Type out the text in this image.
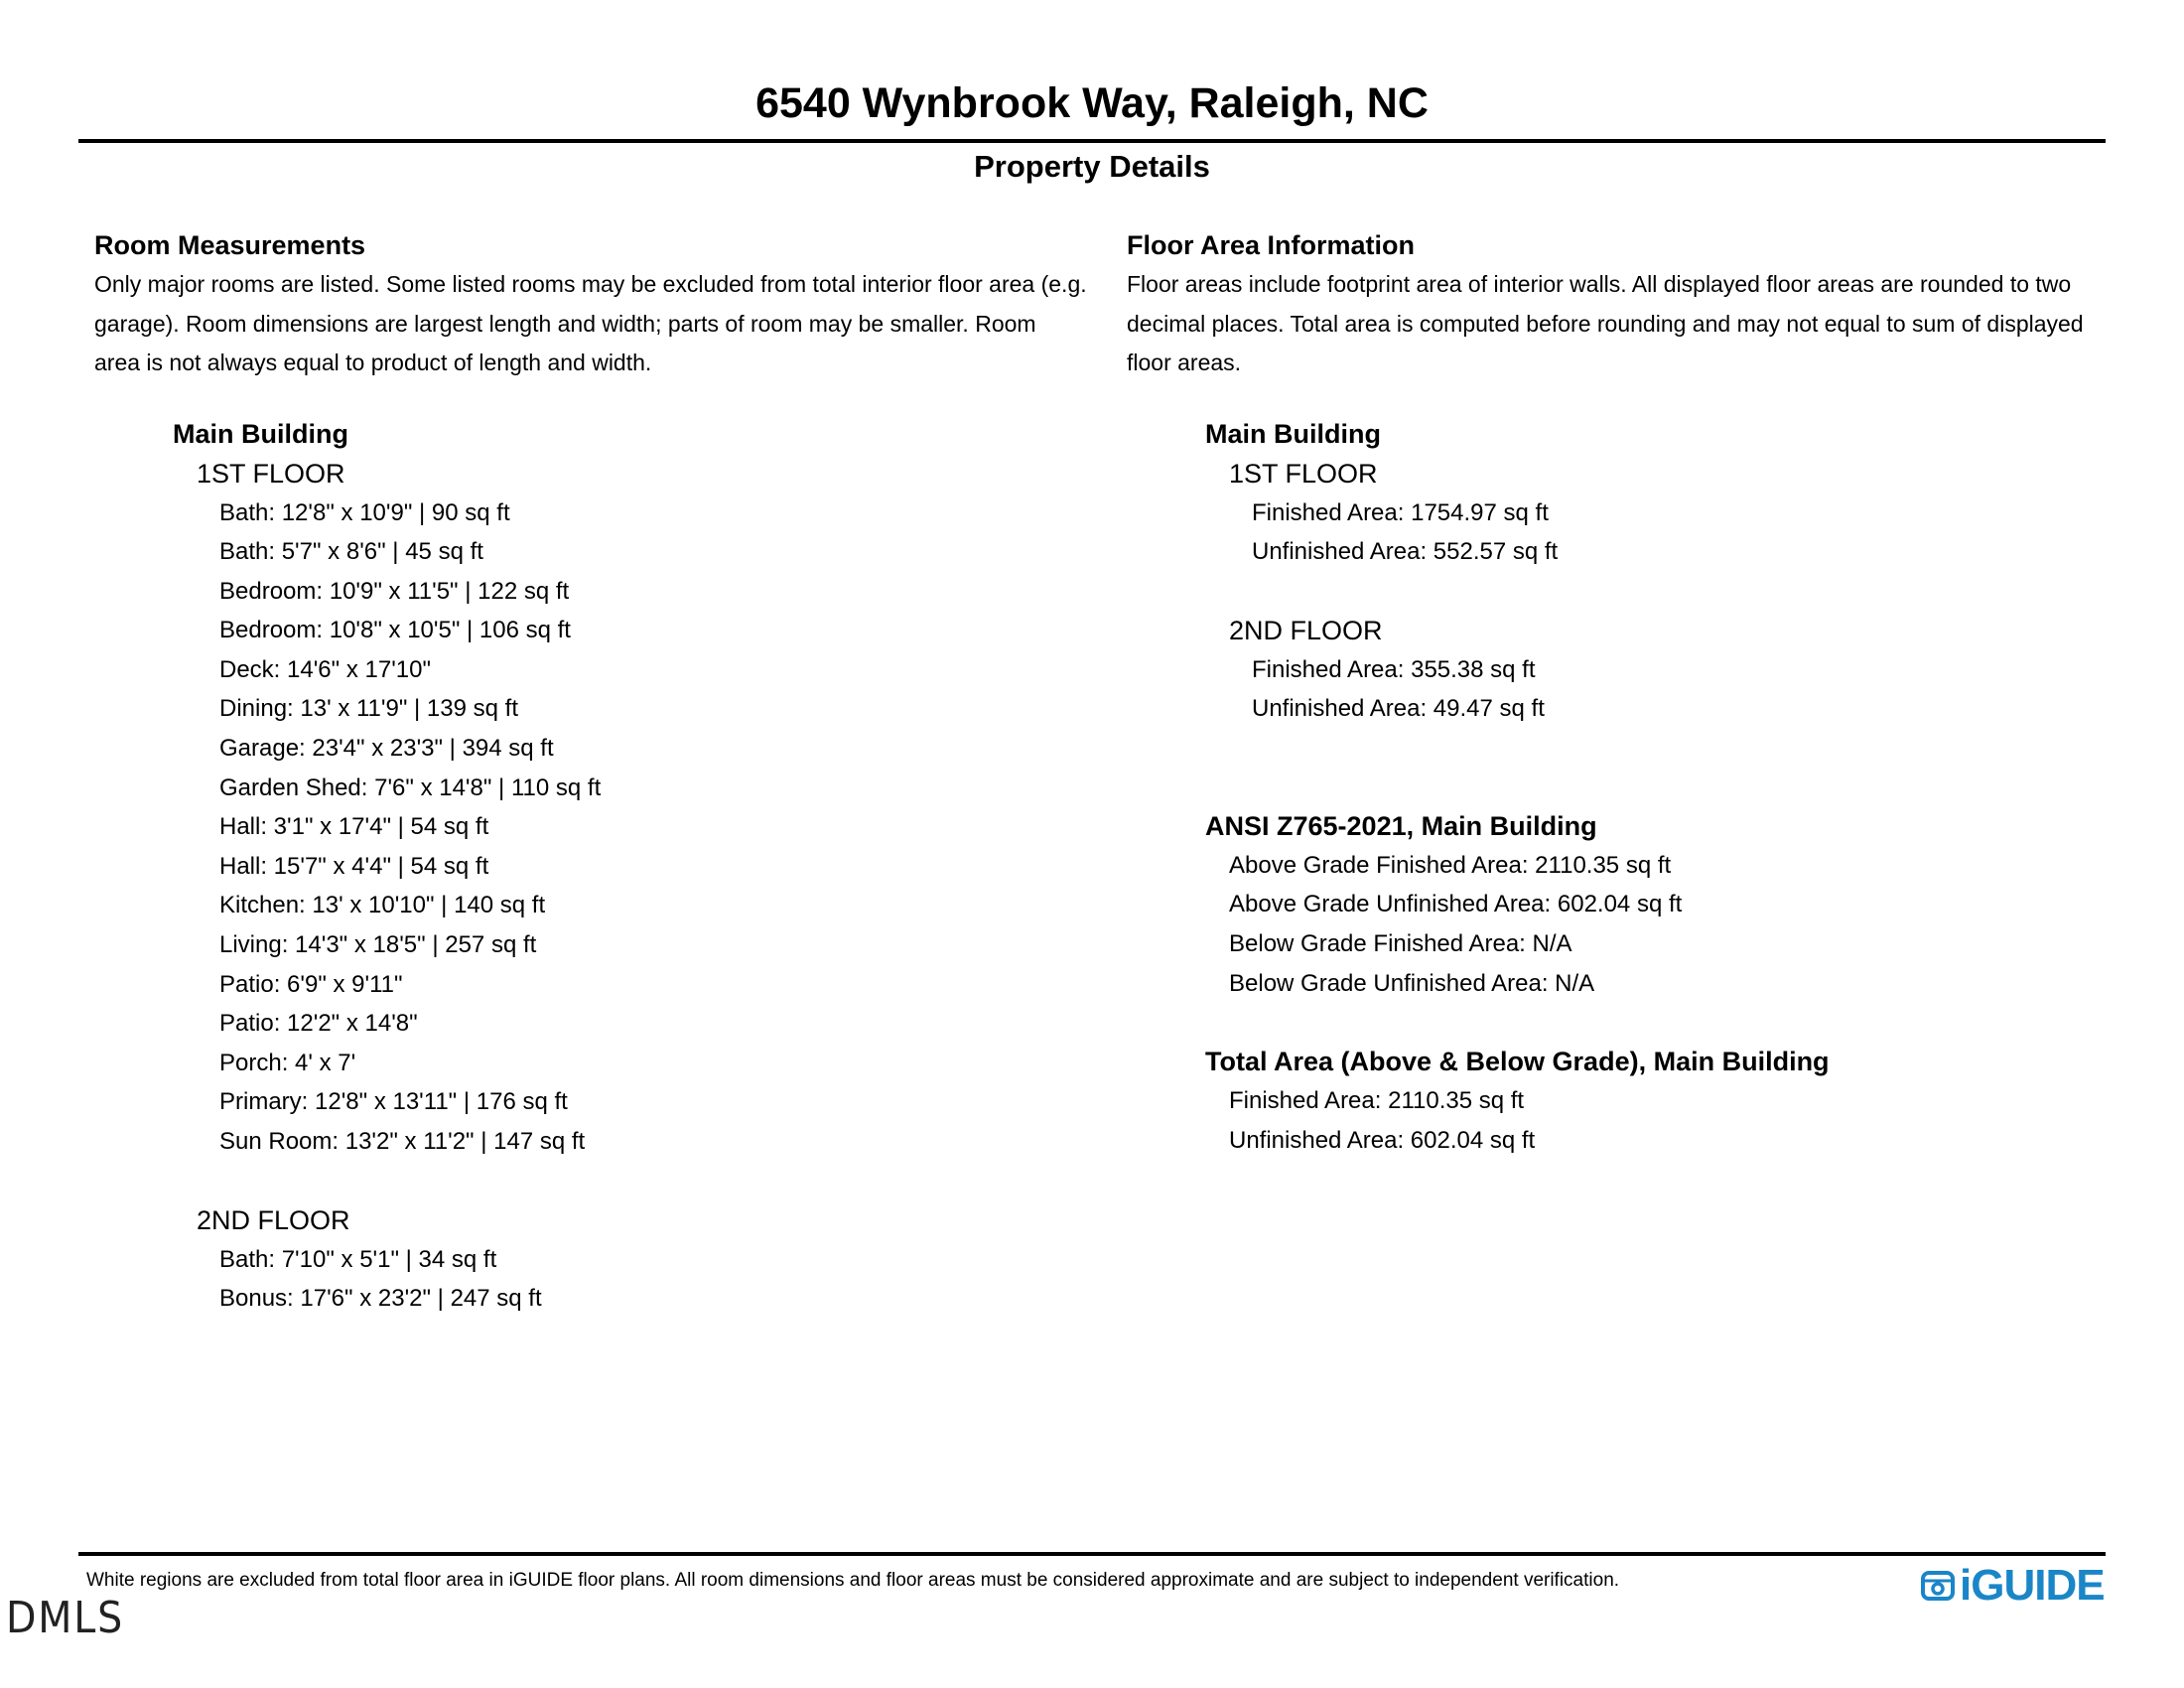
6540 Wynbrook Way, Raleigh, NC
Property Details
Room Measurements

Only major rooms are listed. Some listed rooms may be excluded from total interior floor area (e.g. garage). Room dimensions are largest length and width; parts of room may be smaller. Room area is not always equal to product of length and width.

Main Building
1ST FLOOR
Bath: 12'8" x 10'9" | 90 sq ft
Bath: 5'7" x 8'6" | 45 sq ft
Bedroom: 10'9" x 11'5" | 122 sq ft
Bedroom: 10'8" x 10'5" | 106 sq ft
Deck: 14'6" x 17'10"
Dining: 13' x 11'9" | 139 sq ft
Garage: 23'4" x 23'3" | 394 sq ft
Garden Shed: 7'6" x 14'8" | 110 sq ft
Hall: 3'1" x 17'4" | 54 sq ft
Hall: 15'7" x 4'4" | 54 sq ft
Kitchen: 13' x 10'10" | 140 sq ft
Living: 14'3" x 18'5" | 257 sq ft
Patio: 6'9" x 9'11"
Patio: 12'2" x 14'8"
Porch: 4' x 7'
Primary: 12'8" x 13'11" | 176 sq ft
Sun Room: 13'2" x 11'2" | 147 sq ft
2ND FLOOR
Bath: 7'10" x 5'1" | 34 sq ft
Bonus: 17'6" x 23'2" | 247 sq ft
Floor Area Information

Floor areas include footprint area of interior walls. All displayed floor areas are rounded to two decimal places. Total area is computed before rounding and may not equal to sum of displayed floor areas.

Main Building
1ST FLOOR
Finished Area: 1754.97 sq ft
Unfinished Area: 552.57 sq ft
2ND FLOOR
Finished Area: 355.38 sq ft
Unfinished Area: 49.47 sq ft
ANSI Z765-2021, Main Building
Above Grade Finished Area: 2110.35 sq ft
Above Grade Unfinished Area: 602.04 sq ft
Below Grade Finished Area: N/A
Below Grade Unfinished Area: N/A
Total Area (Above & Below Grade), Main Building
Finished Area: 2110.35 sq ft
Unfinished Area: 602.04 sq ft
White regions are excluded from total floor area in iGUIDE floor plans. All room dimensions and floor areas must be considered approximate and are subject to independent verification.	iGUIDE
DMLS
